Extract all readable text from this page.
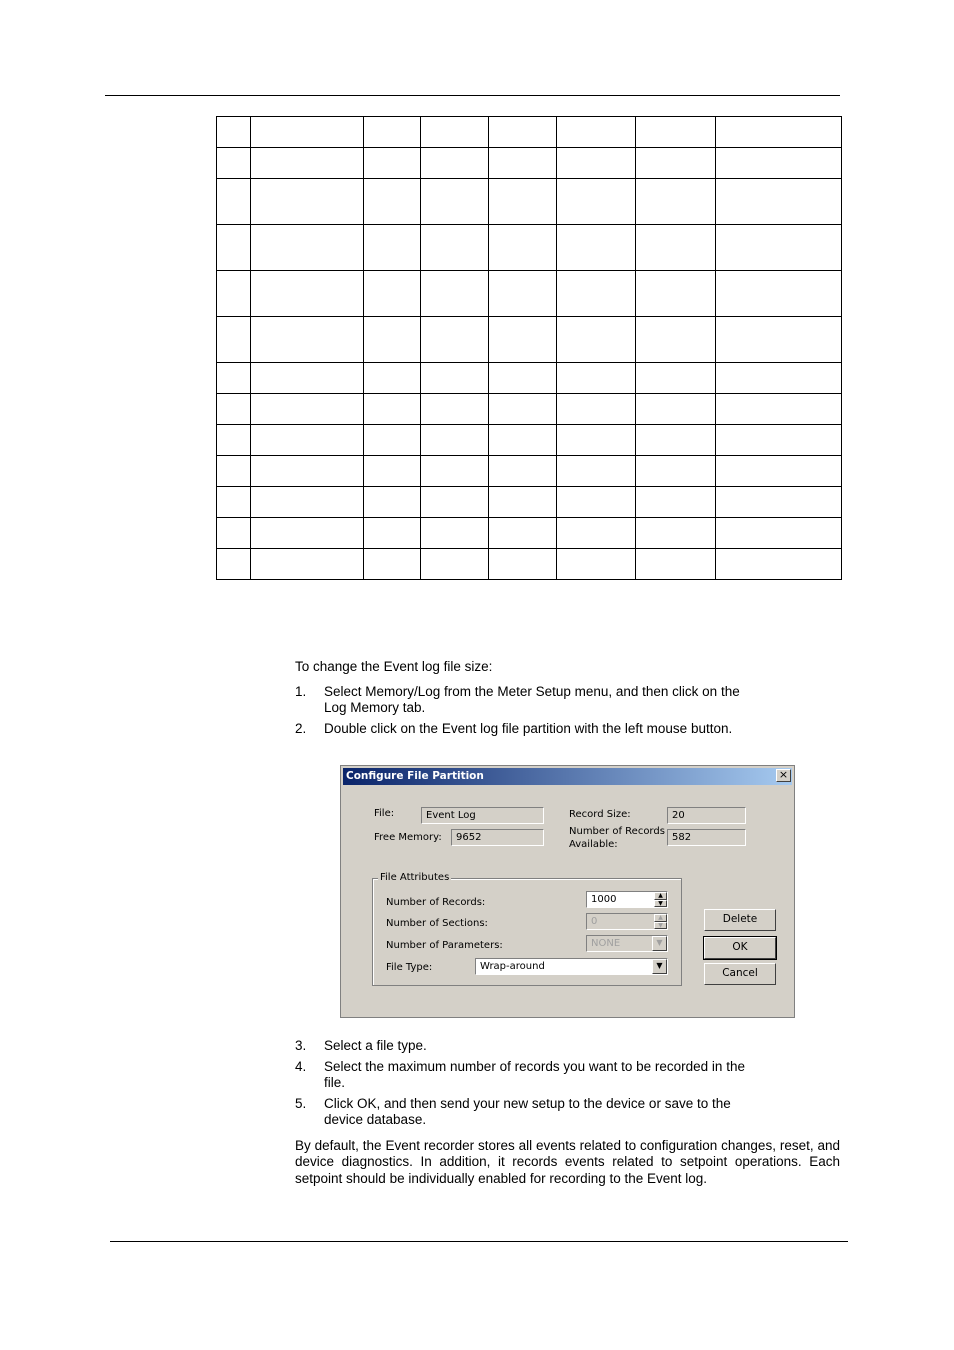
To change the Event log file size:
1. Select Memory/Log from the Meter Setup menu, and then click on the Log Memory tab.
2. Double click on the Event log file partition with the left mouse button.
Configure File Partition	×
File:	Event Log
Free Memory:	9652
Record Size:	20
Number of Records
Available:
582
File Attributes
Number of Records:	1000	▲
▼
Number of Sections:	0	▲
▼
Number of Parameters:	NONE	▼
File Type:	Wrap-around	▼
Delete
OK
Cancel
3. Select a file type.
4. Select the maximum number of records you want to be recorded in the file.
5. Click OK, and then send your new setup to the device or save to the device database.
By default, the Event recorder stores all events related to configuration changes, reset, and device diagnostics. In addition, it records events related to setpoint operations. Each setpoint should be individually enabled for recording to the Event log.
